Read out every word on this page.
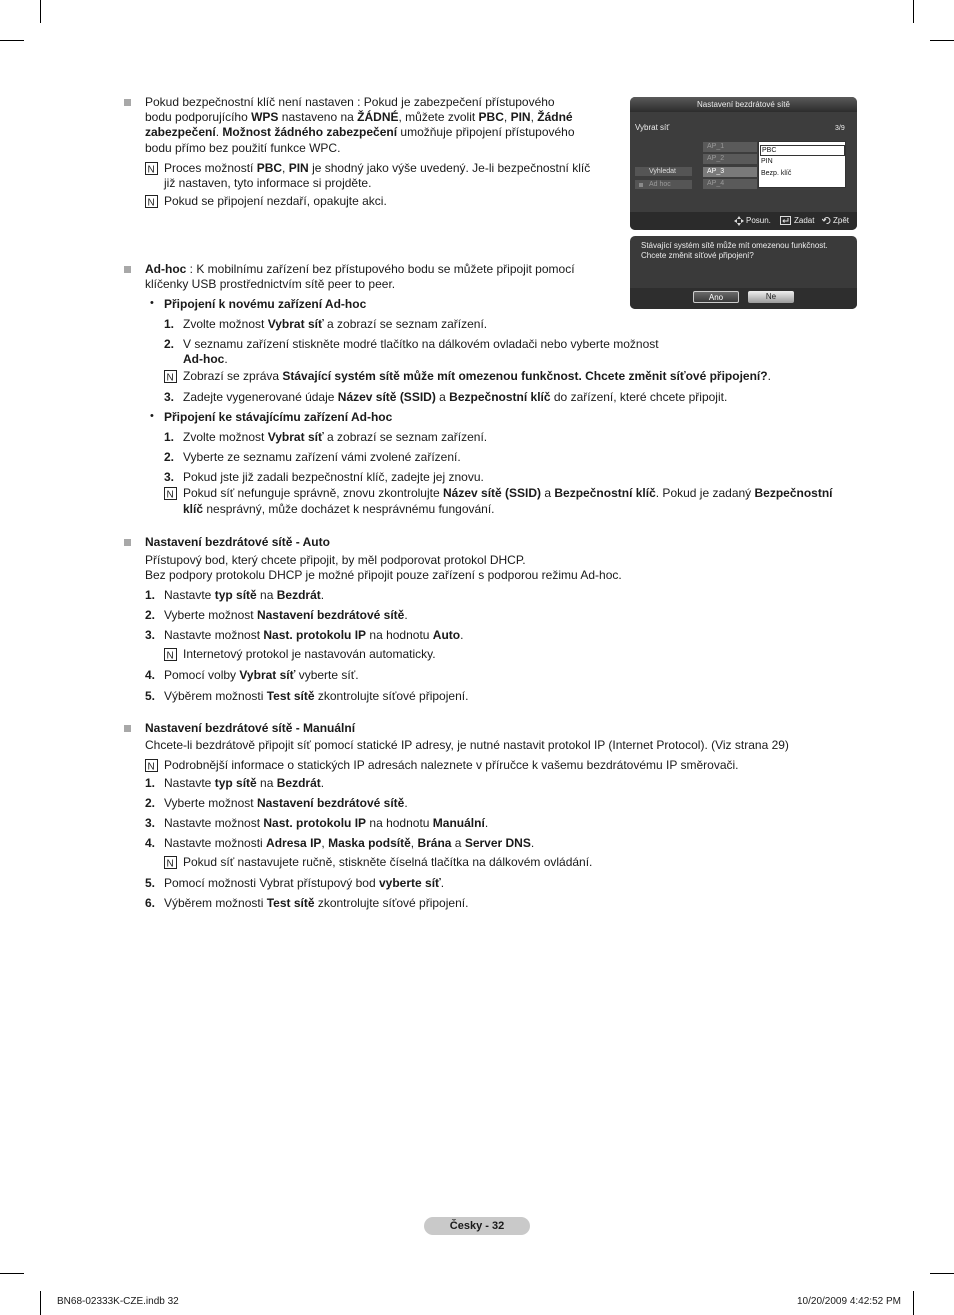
Pokud bezpečnostní klíč není nastaven : Pokud je zabezpečení přístupového
bodu podporujícího WPS nastaveno na ŽÁDNÉ, můžete zvolit PBC, PIN, Žádné
zabezpečení. Možnost žádného zabezpečení umožňuje připojení přístupového
bodu přímo bez použití funkce WPC.
N Proces možností PBC, PIN je shodný jako výše uvedený. Je-li bezpečnostní klíč
již nastaven, tyto informace si projděte.
N Pokud se připojení nezdaří, opakujte akci.
Nastavení bezdrátové sítě
Vybrat síť	3/9
AP_1
AP_2
AP_3
AP_4
Vyhledat
Ad hoc
PBC
PIN
Bezp. klíč
Posun.	Zadat Zpět
Stávající systém sítě může mít omezenou funkčnost. Chcete změnit síťové připojení?
Ano	Ne
Ad-hoc : K mobilnímu zařízení bez přístupového bodu se můžete připojit pomocí
klíčenky USB prostřednictvím sítě peer to peer.
• Připojení k novému zařízení Ad-hoc
1. Zvolte možnost Vybrat síť a zobrazí se seznam zařízení.
2. V seznamu zařízení stiskněte modré tlačítko na dálkovém ovladači nebo vyberte možnost
Ad-hoc.
N Zobrazí se zpráva Stávající systém sítě může mít omezenou funkčnost. Chcete změnit síťové připojení?.
3. Zadejte vygenerované údaje Název sítě (SSID) a Bezpečnostní klíč do zařízení, které chcete připojit.
• Připojení ke stávajícímu zařízení Ad-hoc
1. Zvolte možnost Vybrat síť a zobrazí se seznam zařízení.
2. Vyberte ze seznamu zařízení vámi zvolené zařízení.
3. Pokud jste již zadali bezpečnostní klíč, zadejte jej znovu.
N Pokud síť nefunguje správně, znovu zkontrolujte Název sítě (SSID) a Bezpečnostní klíč. Pokud je zadaný Bezpečnostní
klíč nesprávný, může docházet k nesprávnému fungování.
Nastavení bezdrátové sítě - Auto
Přístupový bod, který chcete připojit, by měl podporovat protokol DHCP.
Bez podpory protokolu DHCP je možné připojit pouze zařízení s podporou režimu Ad-hoc.
1. Nastavte typ sítě na Bezdrát.
2. Vyberte možnost Nastavení bezdrátové sítě.
3. Nastavte možnost Nast. protokolu IP na hodnotu Auto.
N Internetový protokol je nastavován automaticky.
4. Pomocí volby Vybrat síť vyberte síť.
5. Výběrem možnosti Test sítě zkontrolujte síťové připojení.
Nastavení bezdrátové sítě - Manuální
Chcete-li bezdrátově připojit síť pomocí statické IP adresy, je nutné nastavit protokol IP (Internet Protocol). (Viz strana 29)
N Podrobnější informace o statických IP adresách naleznete v příručce k vašemu bezdrátovému IP směrovači.
1. Nastavte typ sítě na Bezdrát.
2. Vyberte možnost Nastavení bezdrátové sítě.
3. Nastavte možnost Nast. protokolu IP na hodnotu Manuální.
4. Nastavte možnosti Adresa IP, Maska podsítě, Brána a Server DNS.
N Pokud síť nastavujete ručně, stiskněte číselná tlačítka na dálkovém ovládání.
5. Pomocí možnosti Vybrat přístupový bod vyberte síť.
6. Výběrem možnosti Test sítě zkontrolujte síťové připojení.
Česky - 32
BN68-02333K-CZE.indb 32	10/20/2009 4:42:52 PM
